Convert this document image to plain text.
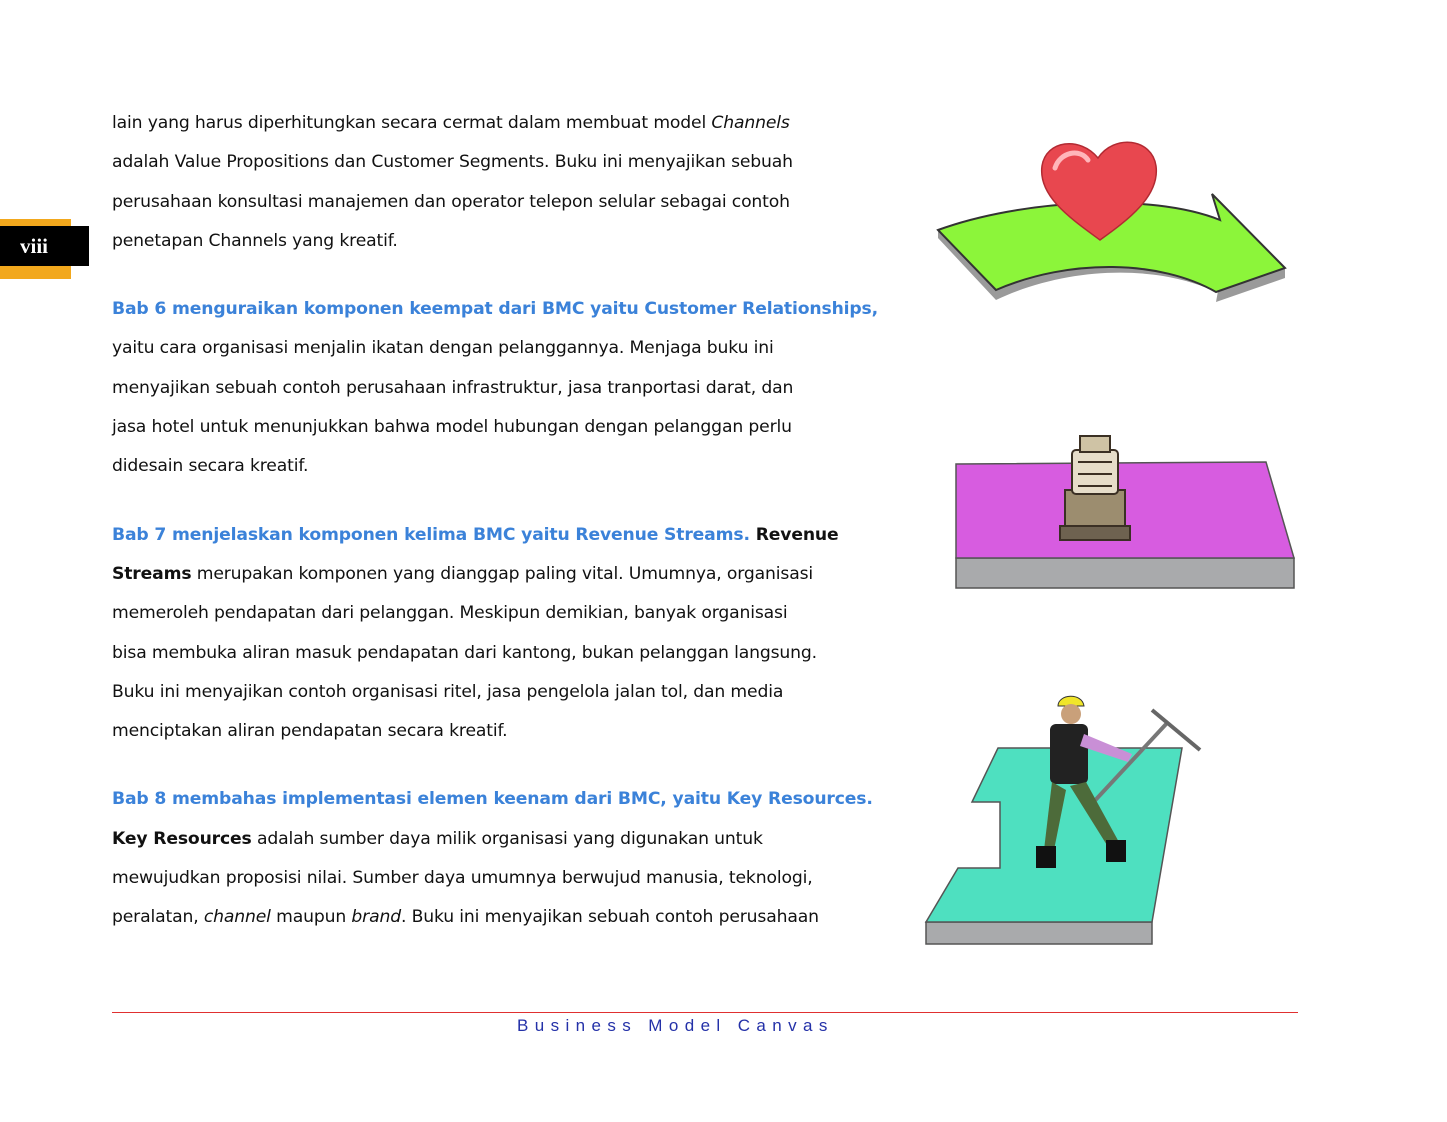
viii

lain yang harus diperhitungkan secara cermat dalam membuat model Channels
adalah Value Propositions dan Customer Segments. Buku ini menyajikan sebuah
perusahaan konsultasi manajemen dan operator telepon selular sebagai contoh
penetapan Channels yang kreatif.

Bab 6 menguraikan komponen keempat dari BMC yaitu Customer Relationships,
yaitu cara organisasi menjalin ikatan dengan pelanggannya. Menjaga buku ini
menyajikan sebuah contoh perusahaan infrastruktur, jasa tranportasi darat, dan
jasa hotel untuk menunjukkan bahwa model hubungan dengan pelanggan perlu
didesain secara kreatif.

Bab 7 menjelaskan komponen kelima BMC yaitu Revenue Streams. Revenue
Streams merupakan komponen yang dianggap paling vital. Umumnya, organisasi
memeroleh pendapatan dari pelanggan. Meskipun demikian, banyak organisasi
bisa membuka aliran masuk pendapatan dari kantong, bukan pelanggan langsung.
Buku ini menyajikan contoh organisasi ritel, jasa pengelola jalan tol, dan media
menciptakan aliran pendapatan secara kreatif.

Bab 8 membahas implementasi elemen keenam dari BMC, yaitu Key Resources.
Key Resources adalah sumber daya milik organisasi yang digunakan untuk
mewujudkan proposisi nilai. Sumber daya umumnya berwujud manusia, teknologi,
peralatan, channel maupun brand. Buku ini menyajikan sebuah contoh perusahaan

Business Model Canvas
